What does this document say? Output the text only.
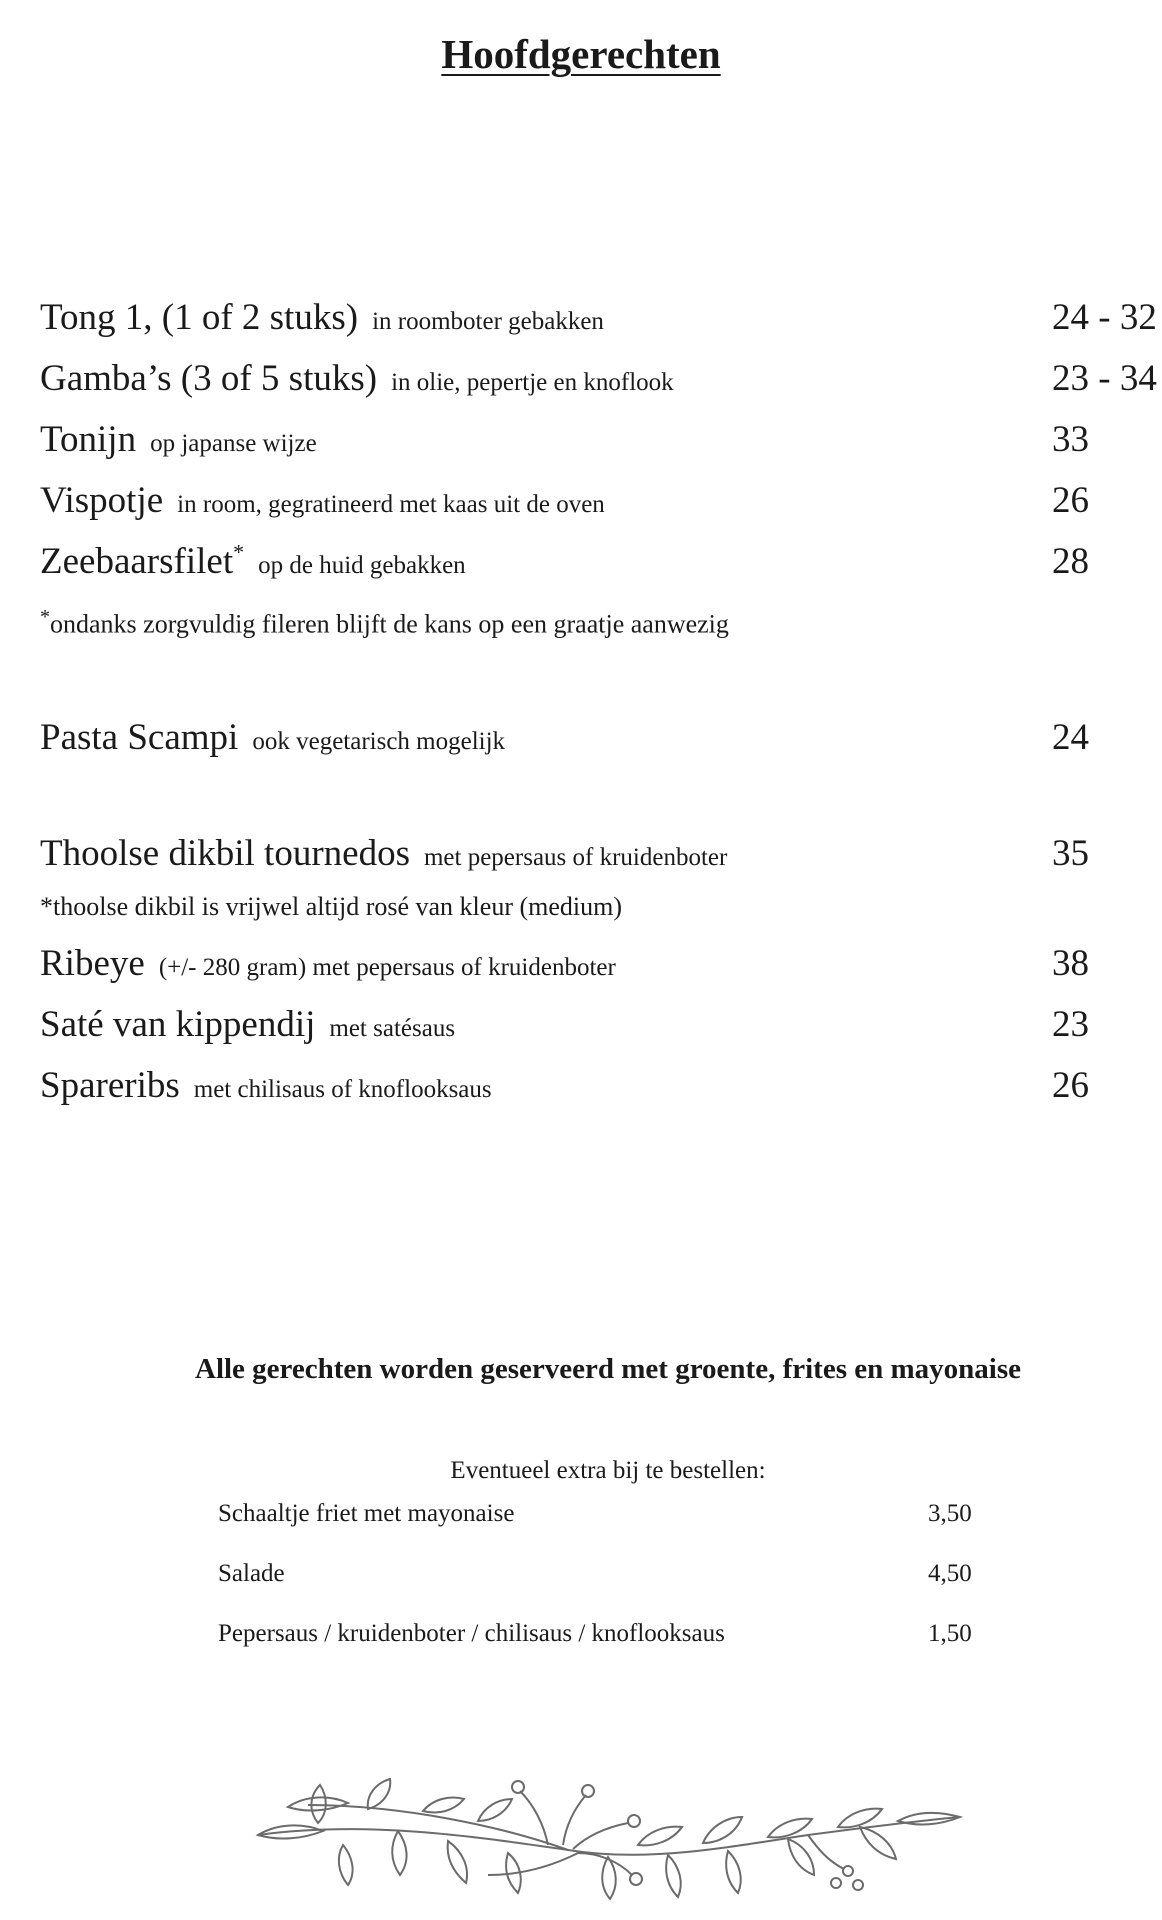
Hoofdgerechten
Tong 1, (1 of 2 stuks) in roomboter gebakken	24 - 32
Gamba’s (3 of 5 stuks) in olie, pepertje en knoflook	23 - 34
Tonijn op japanse wijze	33
Vispotje in room, gegratineerd met kaas uit de oven	26
Zeebaarsfilet* op de huid gebakken	28
*ondanks zorgvuldig fileren blijft de kans op een graatje aanwezig
Pasta Scampi ook vegetarisch mogelijk	24
Thoolse dikbil tournedos met pepersaus of kruidenboter	35
*thoolse dikbil is vrijwel altijd rosé van kleur (medium)
Ribeye (+/- 280 gram) met pepersaus of kruidenboter	38
Saté van kippendij met satésaus	23
Spareribs met chilisaus of knoflooksaus	26
Alle gerechten worden geserveerd met groente, frites en mayonaise
Eventueel extra bij te bestellen:
Schaaltje friet met mayonaise	3,50
Salade	4,50
Pepersaus / kruidenboter / chilisaus / knoflooksaus	1,50
